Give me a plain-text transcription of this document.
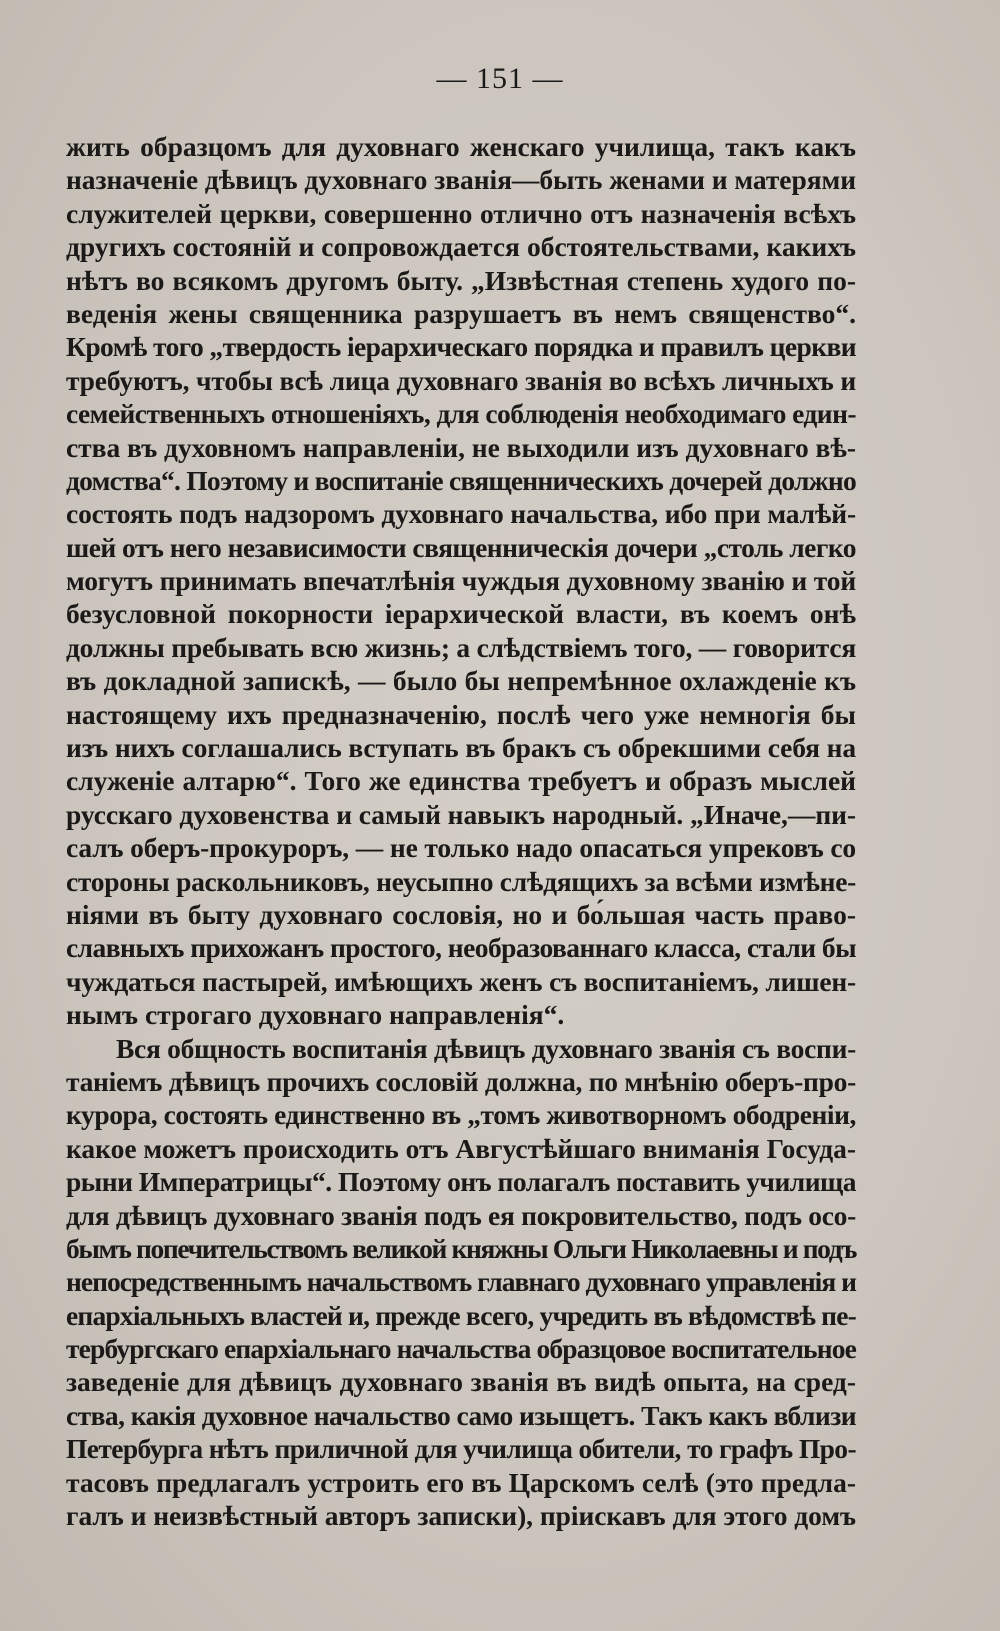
— 151 —
жить образцомъ для духовнаго женскаго училища, такъ какъ
назначеніе дѣвицъ духовнаго званія—быть женами и матерями
служителей церкви, совершенно отлично отъ назначенія всѣхъ
другихъ состояній и сопровождается обстоятельствами, какихъ
нѣтъ во всякомъ другомъ быту. „Извѣстная степень худого по-
веденія жены священника разрушаетъ въ немъ священство“.
Кромѣ того „твердость іерархическаго порядка и правилъ церкви
требуютъ, чтобы всѣ лица духовнаго званія во всѣхъ личныхъ и
семейственныхъ отношеніяхъ, для соблюденія необходимаго един-
ства въ духовномъ направленіи, не выходили изъ духовнаго вѣ-
домства“. Поэтому и воспитаніе священническихъ дочерей должно
состоять подъ надзоромъ духовнаго начальства, ибо при малѣй-
шей отъ него независимости священническія дочери „столь легко
могутъ принимать впечатлѣнія чуждыя духовному званію и той
безусловной покорности іерархической власти, въ коемъ онѣ
должны пребывать всю жизнь; а слѣдствіемъ того, — говорится
въ докладной запискѣ, — было бы непремѣнное охлажденіе къ
настоящему ихъ предназначенію, послѣ чего уже немногія бы
изъ нихъ соглашались вступать въ бракъ съ обрекшими себя на
служеніе алтарю“. Того же единства требуетъ и образъ мыслей
русскаго духовенства и самый навыкъ народный. „Иначе,—пи-
салъ оберъ-прокуроръ, — не только надо опасаться упрековъ со
стороны раскольниковъ, неусыпно слѣдящихъ за всѣми измѣне-
ніями въ быту духовнаго сословія, но и бо́льшая часть право-
славныхъ прихожанъ простого, необразованнаго класса, стали бы
чуждаться пастырей, имѣющихъ женъ съ воспитаніемъ, лишен-
нымъ строгаго духовнаго направленія“.
Вся общность воспитанія дѣвицъ духовнаго званія съ воспи-
таніемъ дѣвицъ прочихъ сословій должна, по мнѣнію оберъ-про-
курора, состоять единственно въ „томъ животворномъ ободреніи,
какое можетъ происходить отъ Августѣйшаго вниманія Госуда-
рыни Императрицы“. Поэтому онъ полагалъ поставить училища
для дѣвицъ духовнаго званія подъ ея покровительство, подъ осо-
бымъ попечительствомъ великой княжны Ольги Николаевны и подъ
непосредственнымъ начальствомъ главнаго духовнаго управленія и
епархіальныхъ властей и, прежде всего, учредить въ вѣдомствѣ пе-
тербургскаго епархіальнаго начальства образцовое воспитательное
заведеніе для дѣвицъ духовнаго званія въ видѣ опыта, на сред-
ства, какія духовное начальство само изыщетъ. Такъ какъ вблизи
Петербурга нѣтъ приличной для училища обители, то графъ Про-
тасовъ предлагалъ устроить его въ Царскомъ селѣ (это предла-
галъ и неизвѣстный авторъ записки), пріискавъ для этого домъ
